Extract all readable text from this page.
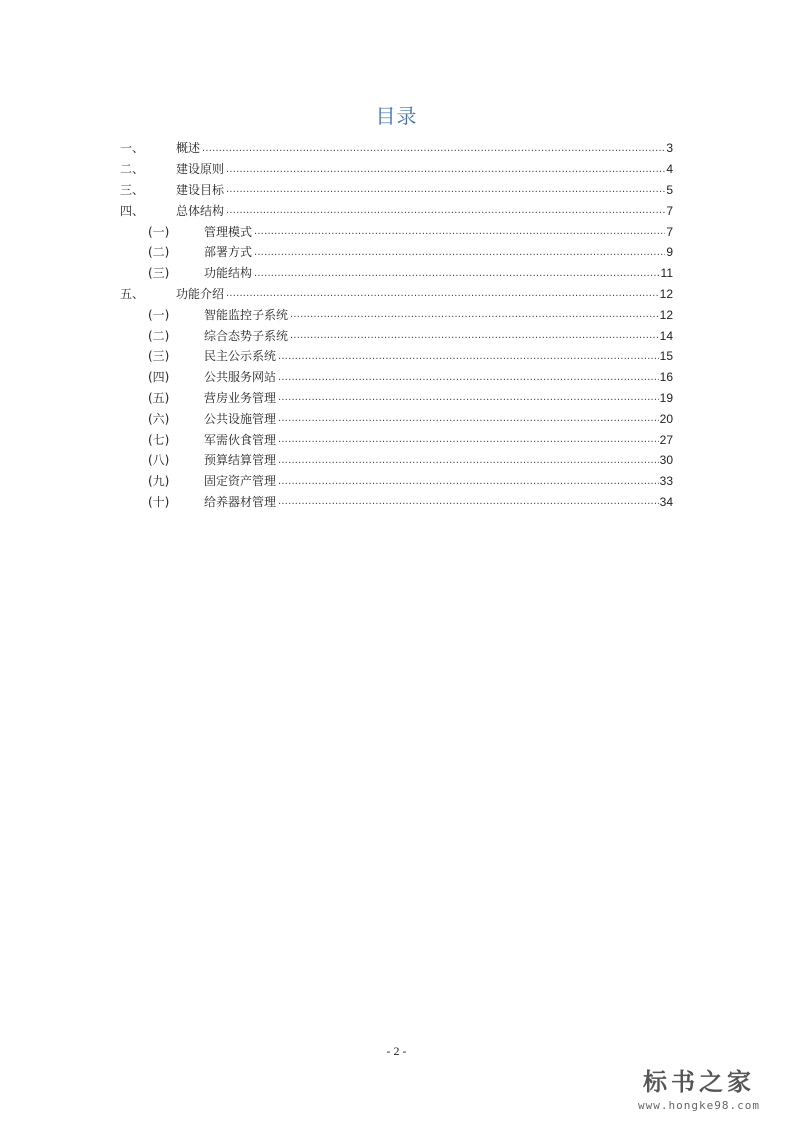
目录
一、	概述 .....	3
二、	建设原则 .....	4
三、	建设目标 .....	5
四、	总体结构 .....	7
(一)	管理模式 .....	7
(二)	部署方式 .....	9
(三)	功能结构 .....	11
五、	功能介绍 .....	12
(一)	智能监控子系统 .....	12
(二)	综合态势子系统 .....	14
(三)	民主公示系统 .....	15
(四)	公共服务网站 .....	16
(五)	营房业务管理 .....	19
(六)	公共设施管理 .....	20
(七)	军需伙食管理 .....	27
(八)	预算结算管理 .....	30
(九)	固定资产管理 .....	33
(十)	给养器材管理 .....	34
- 2 -
标书之家
www.hongke98.com
